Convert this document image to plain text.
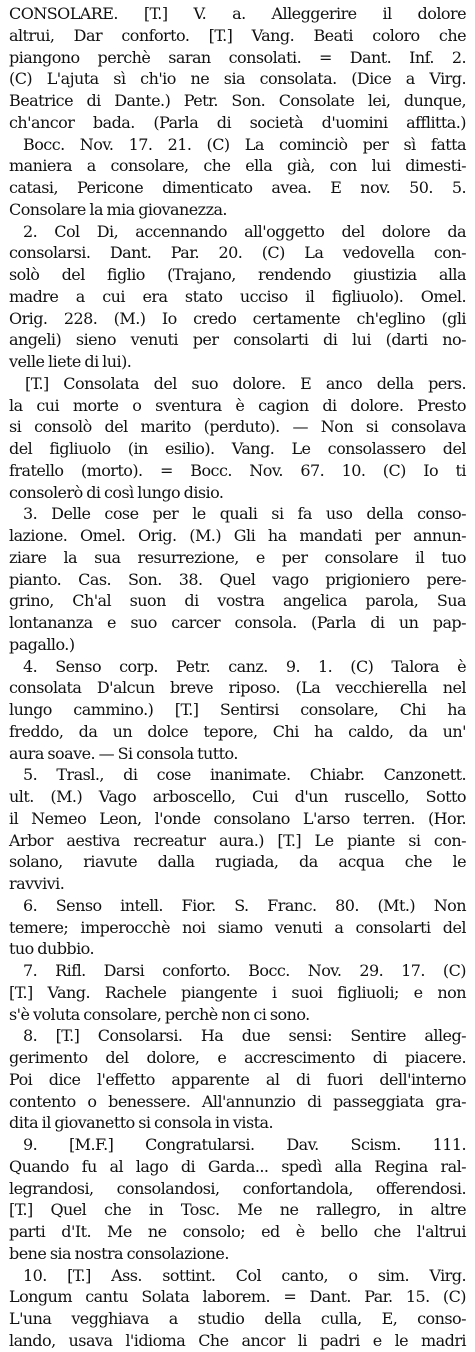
CONSOLARE. [T.] V. a. Alleggerire il dolore

altrui, Dar conforto. [T.] Vang. Beati coloro che

piangono perchè saran consolati. = Dant. Inf. 2.

(C) L'ajuta sì ch'io ne sia consolata. (Dice a Virg.

Beatrice di Dante.) Petr. Son. Consolate lei, dunque,

ch'ancor bada. (Parla di società d'uomini afflitta.)

Bocc. Nov. 17. 21. (C) La cominciò per sì fatta

maniera a consolare, che ella già, con lui dimesti-

catasi, Pericone dimenticato avea. E nov. 50. 5.

Consolare la mia giovanezza.

2. Col Di, accennando all'oggetto del dolore da

consolarsi. Dant. Par. 20. (C) La vedovella con-

solò del figlio (Trajano, rendendo giustizia alla

madre a cui era stato ucciso il figliuolo). Omel.

Orig. 228. (M.) Io credo certamente ch'eglino (gli

angeli) sieno venuti per consolarti di lui (darti no-

velle liete di lui).

[T.] Consolata del suo dolore. E anco della pers.

la cui morte o sventura è cagion di dolore. Presto

si consolò del marito (perduto). — Non si consolava

del figliuolo (in esilio). Vang. Le consolassero del

fratello (morto). = Bocc. Nov. 67. 10. (C) Io ti

consolerò di così lungo disio.

3. Delle cose per le quali si fa uso della conso-

lazione. Omel. Orig. (M.) Gli ha mandati per annun-

ziare la sua resurrezione, e per consolare il tuo

pianto. Cas. Son. 38. Quel vago prigioniero pere-

grino, Ch'al suon di vostra angelica parola, Sua

lontananza e suo carcer consola. (Parla di un pap-

pagallo.)

4. Senso corp. Petr. canz. 9. 1. (C) Talora è

consolata D'alcun breve riposo. (La vecchierella nel

lungo cammino.) [T.] Sentirsi consolare, Chi ha

freddo, da un dolce tepore, Chi ha caldo, da un'

aura soave. — Si consola tutto.

5. Trasl., di cose inanimate. Chiabr. Canzonett.

ult. (M.) Vago arboscello, Cui d'un ruscello, Sotto

il Nemeo Leon, l'onde consolano L'arso terren. (Hor.

Arbor aestiva recreatur aura.) [T.] Le piante si con-

solano, riavute dalla rugiada, da acqua che le

ravvivi.

6. Senso intell. Fior. S. Franc. 80. (Mt.) Non

temere; imperocchè noi siamo venuti a consolarti del

tuo dubbio.

7. Rifl. Darsi conforto. Bocc. Nov. 29. 17. (C)

[T.] Vang. Rachele piangente i suoi figliuoli; e non

s'è voluta consolare, perchè non ci sono.

8. [T.] Consolarsi. Ha due sensi: Sentire alleg-

gerimento del dolore, e accrescimento di piacere.

Poi dice l'effetto apparente al di fuori dell'interno

contento o benessere. All'annunzio di passeggiata gra-

dita il giovanetto si consola in vista.

9. [M.F.] Congratularsi. Dav. Scism. 111.

Quando fu al lago di Garda... spedì alla Regina ral-

legrandosi, consolandosi, confortandola, offerendosi.

[T.] Quel che in Tosc. Me ne rallegro, in altre

parti d'It. Me ne consolo; ed è bello che l'altrui

bene sia nostra consolazione.

10. [T.] Ass. sottint. Col canto, o sim. Virg.

Longum cantu Solata laborem. = Dant. Par. 15. (C)

L'una vegghiava a studio della culla, E, conso-

lando, usava l'idioma Che ancor li padri e le madri
